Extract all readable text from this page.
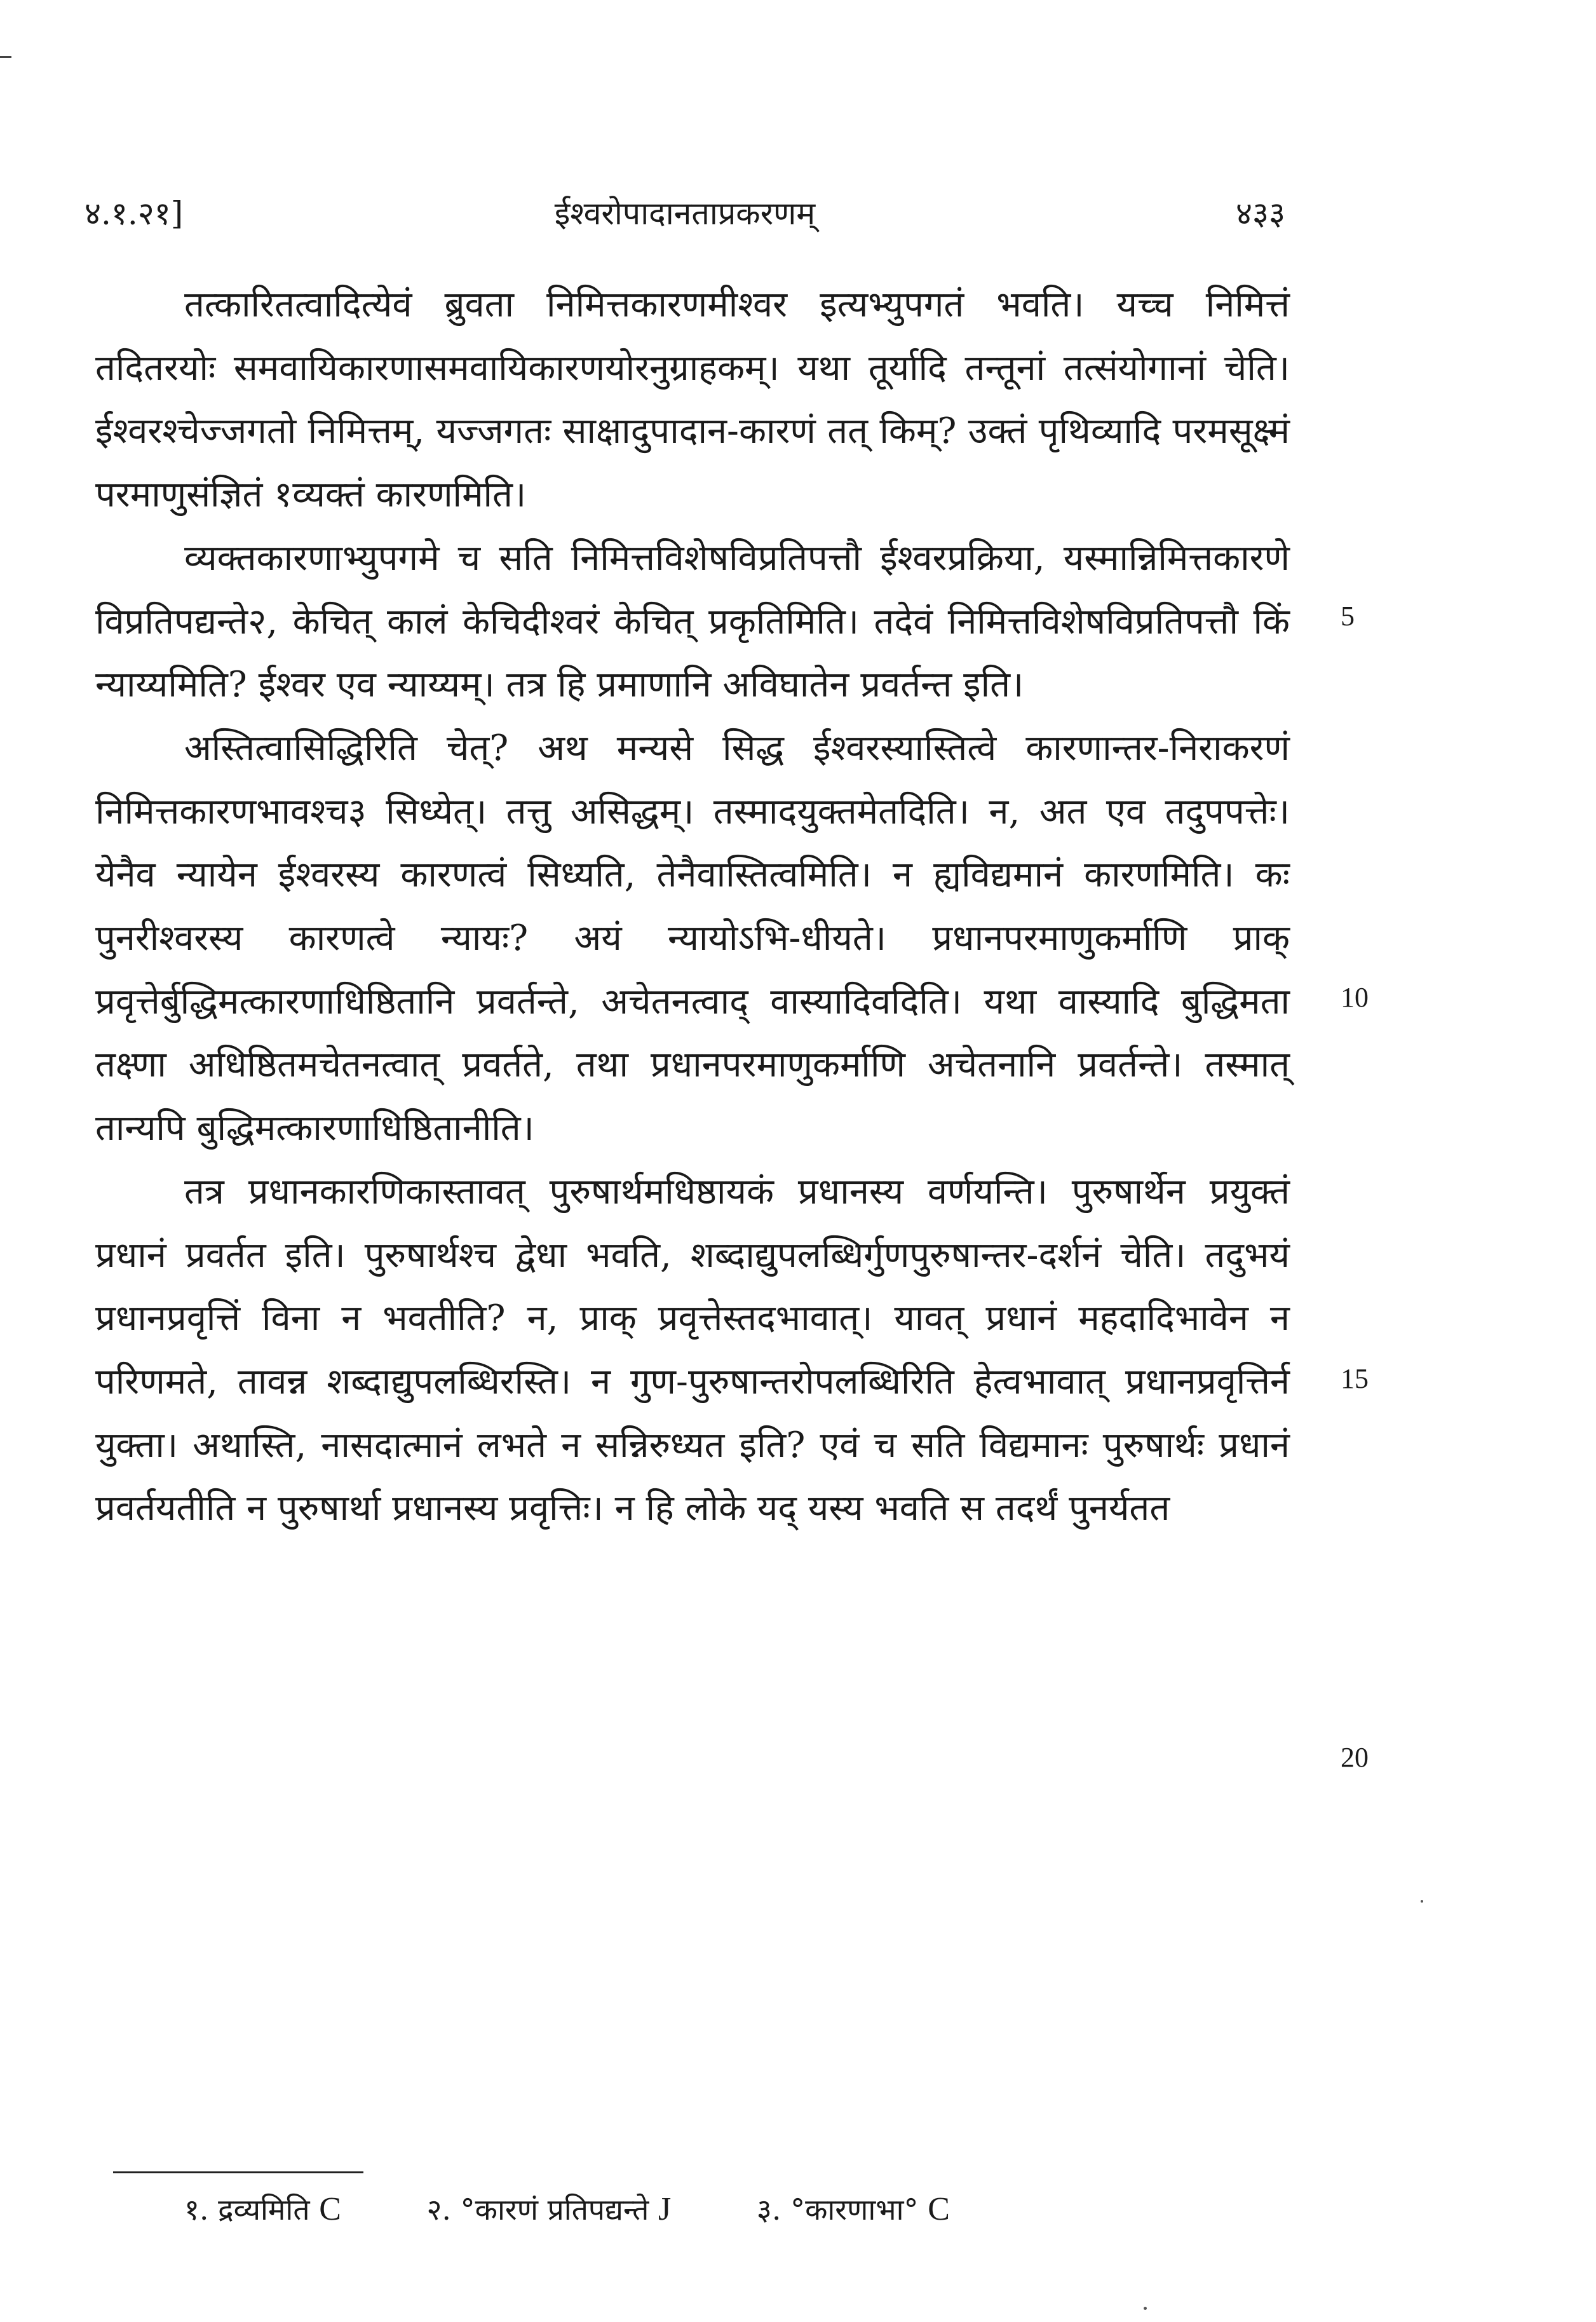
४.१.२१]	ईश्वरोपादानताप्रकरणम्	४३३

तत्कारितत्वादित्येवं ब्रुवता निमित्तकारणमीश्वर इत्यभ्युपगतं भवति। यच्च निमित्तं तदितरयोः समवायिकारणासमवायिकारणयोरनुग्राहकम्। यथा तूर्यादि तन्तूनां तत्संयोगानां चेति। ईश्वरश्चेज्जगतो निमित्तम्, यज्जगतः साक्षादुपादान-कारणं तत् किम्? उक्तं पृथिव्यादि परमसूक्ष्मं परमाणुसंज्ञितं १व्यक्तं कारणमिति।

व्यक्तकारणाभ्युपगमे च सति निमित्तविशेषविप्रतिपत्तौ ईश्वरप्रक्रिया, यस्मान्निमित्तकारणे विप्रतिपद्यन्ते२, केचित् कालं केचिदीश्वरं केचित् प्रकृतिमिति। तदेवं निमित्तविशेषविप्रतिपत्तौ किं न्याय्यमिति? ईश्वर एव न्याय्यम्। तत्र हि प्रमाणानि अविघातेन प्रवर्तन्त इति।

अस्तित्वासिद्धिरिति चेत्? अथ मन्यसे सिद्ध ईश्वरस्यास्तित्वे कारणान्तर-निराकरणं निमित्तकारणभावश्च३ सिध्येत्। तत्तु असिद्धम्। तस्मादयुक्तमेतदिति। न, अत एव तदुपपत्तेः। येनैव न्यायेन ईश्वरस्य कारणत्वं सिध्यति, तेनैवास्तित्वमिति। न ह्यविद्यमानं कारणमिति। कः पुनरीश्वरस्य कारणत्वे न्यायः? अयं न्यायोऽभि-धीयते। प्रधानपरमाणुकर्माणि प्राक् प्रवृत्तेर्बुद्धिमत्कारणाधिष्ठितानि प्रवर्तन्ते, अचेतनत्वाद् वास्यादिवदिति। यथा वास्यादि बुद्धिमता तक्ष्णा अधिष्ठितमचेतनत्वात् प्रवर्तते, तथा प्रधानपरमाणुकर्माणि अचेतनानि प्रवर्तन्ते। तस्मात् तान्यपि बुद्धिमत्कारणाधिष्ठितानीति।

तत्र प्रधानकारणिकास्तावत् पुरुषार्थमधिष्ठायकं प्रधानस्य वर्णयन्ति। पुरुषार्थेन प्रयुक्तं प्रधानं प्रवर्तत इति। पुरुषार्थश्च द्वेधा भवति, शब्दाद्युपलब्धिर्गुणपुरुषान्तर-दर्शनं चेति। तदुभयं प्रधानप्रवृत्तिं विना न भवतीति? न, प्राक् प्रवृत्तेस्तदभावात्। यावत् प्रधानं महदादिभावेन न परिणमते, तावन्न शब्दाद्युपलब्धिरस्ति। न गुण-पुरुषान्तरोपलब्धिरिति हेत्वभावात् प्रधानप्रवृत्तिर्न युक्ता। अथास्ति, नासदात्मानं लभते न सन्निरुध्यत इति? एवं च सति विद्यमानः पुरुषार्थः प्रधानं प्रवर्तयतीति न पुरुषार्था प्रधानस्य प्रवृत्तिः। न हि लोके यद् यस्य भवति स तदर्थं पुनर्यतत

5
10
15
20
१. द्रव्यमिति C	२. °कारणं प्रतिपद्यन्ते J	३. °कारणाभा° C
